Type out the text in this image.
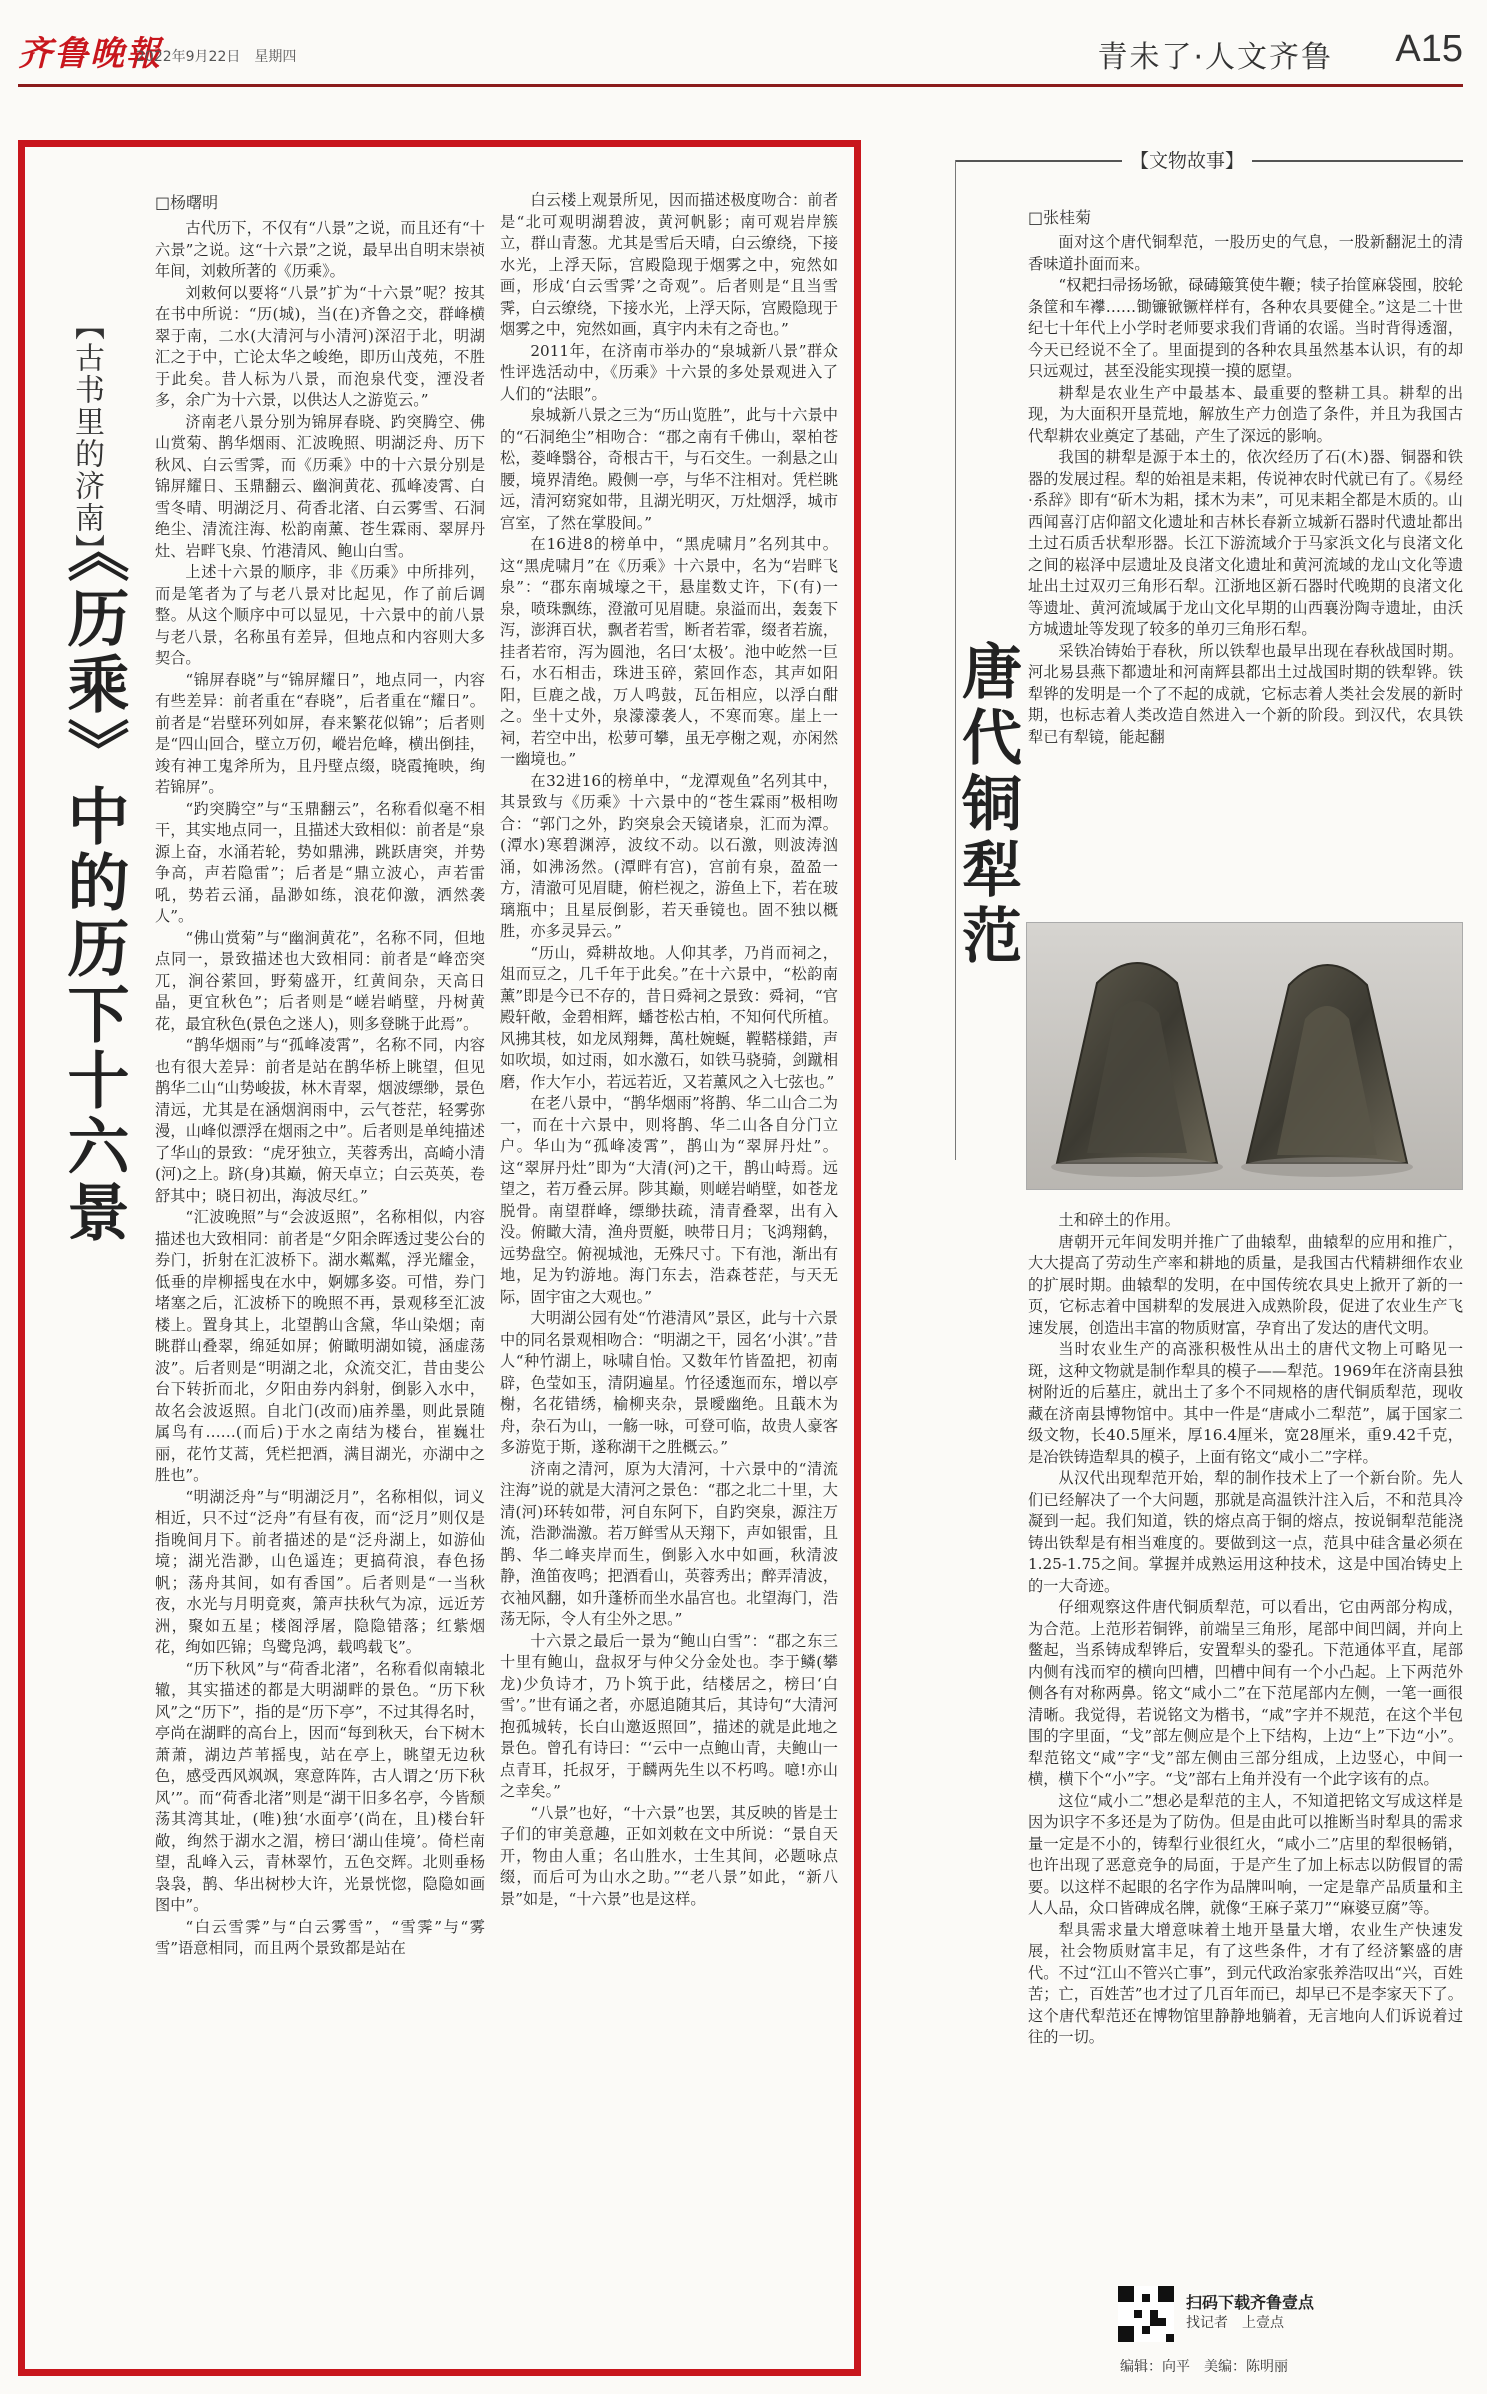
齐鲁晚報
2022年9月22日　星期四	青未了·人文齐鲁 A15
【古书里的济南】
《历乘》中的历下十六景
□杨曙明

古代历下，不仅有“八景”之说，而且还有“十六景”之说。这“十六景”之说，最早出自明末崇祯年间，刘敕所著的《历乘》。

刘敕何以要将“八景”扩为“十六景”呢？按其在书中所说：“历(城)，当(在)齐鲁之交，群峰横翠于南，二水(大清河与小清河)深沼于北，明湖汇之于中，亡论太华之峻绝，即历山茂苑，不胜于此矣。昔人标为八景，而泡泉代变，湮没者多，余广为十六景，以供达人之游览云。”

济南老八景分别为锦屏春晓、趵突腾空、佛山赏菊、鹊华烟雨、汇波晚照、明湖泛舟、历下秋风、白云雪霁，而《历乘》中的十六景分别是锦屏耀日、玉鼎翻云、幽涧黄花、孤峰凌霄、白雪冬晴、明湖泛月、荷香北渚、白云雾雪、石洞绝尘、清流注海、松韵南薰、苍生霖雨、翠屏丹灶、岩畔飞泉、竹港清风、鲍山白雪。

上述十六景的顺序，非《历乘》中所排列，而是笔者为了与老八景对比起见，作了前后调整。从这个顺序中可以显见，十六景中的前八景与老八景，名称虽有差异，但地点和内容则大多契合。

“锦屏春晓”与“锦屏耀日”，地点同一，内容有些差异：前者重在“春晓”，后者重在“耀日”。前者是“岩壁环列如屏，春来繁花似锦”；后者则是“四山回合，壁立万仞，嵷岩危峰，横出倒挂，竣有神工鬼斧所为，且丹壁点缀，晓霞掩映，绚若锦屏”。

“趵突腾空”与“玉鼎翻云”，名称看似毫不相干，其实地点同一，且描述大致相似：前者是“泉源上奋，水涌若轮，势如鼎沸，跳跃唐突，并势争高，声若隐雷”；后者是“鼎立波心，声若雷吼，势若云涌，晶渺如练，浪花仰激，洒然袭人”。

“佛山赏菊”与“幽涧黄花”，名称不同，但地点同一，景致描述也大致相同：前者是“峰峦突兀，涧谷萦回，野菊盛开，红黄间杂，天高日晶，更宜秋色”；后者则是“嵯岩峭壁，丹树黄花，最宜秋色(景色之迷人)，则多登眺于此焉”。

“鹊华烟雨”与“孤峰凌霄”，名称不同，内容也有很大差异：前者是站在鹊华桥上眺望，但见鹊华二山“山势峻拔，林木青翠，烟波缥缈，景色清远，尤其是在涵烟润雨中，云气苍茫，轻雾弥漫，山峰似漂浮在烟雨之中”。后者则是单纯描述了华山的景致：“虎牙独立，芙蓉秀出，高崎小清(河)之上。跻(身)其巅，俯天卓立；白云英英，卷舒其中；晓日初出，海波尽红。”

“汇波晚照”与“会波返照”，名称相似，内容描述也大致相同：前者是“夕阳余晖透过斐公台的券门，折射在汇波桥下。湖水粼粼，浮光耀金，低垂的岸柳摇曳在水中，婀娜多姿。可惜，券门堵塞之后，汇波桥下的晚照不再，景观移至汇波楼上。置身其上，北望鹊山含黛，华山染烟；南眺群山叠翠，绵延如屏；俯瞰明湖如镜，涵虚荡波”。后者则是“明湖之北，众流交汇，昔由斐公台下转折而北，夕阳由券内斜射，倒影入水中，故名会波返照。自北门(改而)庙养墨，则此景随属鸟有……(而后)于水之南结为楼台，崔巍壮丽，花竹艾蒿，凭栏把酒，满目湖光，亦湖中之胜也”。

“明湖泛舟”与“明湖泛月”，名称相似，词义相近，只不过“泛舟”有昼有夜，而“泛月”则仅是指晚间月下。前者描述的是“泛舟湖上，如游仙境；湖光浩渺，山色遥连；更搞荷浪，春色扬帆；荡舟其间，如有香国”。后者则是“一当秋夜，水光与月明竟爽，箫声扶秋气为凉，远近芳洲，聚如五星；楼阁浮屠，隐隐错落；红紫烟花，绚如匹锦；鸟鹭凫鸿，载鸣载飞”。

“历下秋风”与“荷香北渚”，名称看似南辕北辙，其实描述的都是大明湖畔的景色。“历下秋风”之“历下”，指的是“历下亭”，不过其得名时，亭尚在湖畔的高台上，因而“每到秋天，台下树木萧萧，湖边芦苇摇曳，站在亭上，眺望无边秋色，感受西风飒飒，寒意阵阵，古人谓之‘历下秋风’”。而“荷香北渚”则是“湖干旧多名亭，今皆颓荡其湾其址，(唯)独‘水面亭’(尚在，且)楼台轩敞，绚然于湖水之湄，榜曰‘湖山佳境’。倚栏南望，乱峰入云，青林翠竹，五色交辉。北则垂杨袅袅，鹊、华出树杪大许，光景恍惚，隐隐如画图中”。

“白云雪霁”与“白云雾雪”，“雪霁”与“雾雪”语意相同，而且两个景致都是站在

白云楼上观景所见，因而描述极度吻合：前者是“北可观明湖碧波，黄河帆影；南可观岩岸簇立，群山青葱。尤其是雪后天晴，白云缭绕，下接水光，上浮天际，宫殿隐现于烟雾之中，宛然如画，形成‘白云雪霁’之奇观”。后者则是“且当雪霁，白云缭绕，下接水光，上浮天际，宫殿隐现于烟雾之中，宛然如画，真宇内未有之奇也。”

2011年，在济南市举办的“泉城新八景”群众性评选活动中，《历乘》十六景的多处景观进入了人们的“法眼”。

泉城新八景之三为“历山览胜”，此与十六景中的“石洞绝尘”相吻合：“郡之南有千佛山，翠柏苍松，菱峰翳谷，奇根古干，与石交生。一刹悬之山腰，境界清绝。殿侧一亭，与华不注相对。凭栏眺远，清河窈窕如带，且湖光明灭，万灶烟浮，城市宫室，了然在掌股间。”

在16进8的榜单中，“黑虎啸月”名列其中。这“黑虎啸月”在《历乘》十六景中，名为“岩畔飞泉”：“郡东南城壕之干，悬崖数丈许，下(有)一泉，喷珠飘练，澄澈可见眉睫。泉溢而出，轰轰下泻，澎湃百状，飘者若雪，断者若霏，缀者若旒，挂者若帘，泻为圆池，名曰‘太极’。池中屹然一巨石，水石相击，珠进玉碎，萦回作态，其声如阳阳，巨鹿之战，万人鸣鼓，瓦缶相应，以浮白酣之。坐十丈外，泉濛濛袭人，不寒而寒。崖上一祠，若空中出，松萝可攀，虽无亭榭之观，亦闲然一幽境也。”

在32进16的榜单中，“龙潭观鱼”名列其中，其景致与《历乘》十六景中的“苍生霖雨”极相吻合：“郭门之外，趵突泉会天镜诸泉，汇而为潭。(潭水)寒碧渊渟，波纹不动。以石激，则波涛汹涌，如沸汤然。(潭畔有宫)，宫前有泉，盈盈一方，清澈可见眉睫，俯栏视之，游鱼上下，若在玻璃瓶中；且星辰倒影，若天垂镜也。固不独以概胜，亦多灵异云。”

“历山，舜耕故地。人仰其孝，乃肖而祠之，俎而豆之，几千年于此矣。”在十六景中，“松韵南薰”即是今已不存的，昔日舜祠之景致：舜祠，“官殿轩敞，金碧相辉，蟠苍松古柏，不知何代所植。风拂其枝，如龙凤翔舞，萬杜婉蜒，鞺鞳様錯，声如吹埙，如过雨，如水激石，如铁马骁骑，剑蹴相磨，作大乍小，若远若近，又若薰风之入七弦也。”

在老八景中，“鹊华烟雨”将鹊、华二山合二为一，而在十六景中，则将鹊、华二山各自分门立户。华山为“孤峰凌霄”，鹊山为“翠屏丹灶”。这“翠屏丹灶”即为“大清(河)之干，鹊山峙焉。远望之，若万叠云屏。陟其巅，则嵯岩峭壁，如苍龙脱骨。南望群峰，缥缈扶疏，清青叠翠，出有入没。俯瞰大清，渔舟贾艇，映带日月；飞鸿翔鹤，远势盘空。俯视城池，无殊尺寸。下有池，渐出有地，足为钓游地。海门东去，浩森苍茫，与天无际，固宇宙之大观也。”

大明湖公园有处“竹港清风”景区，此与十六景中的同名景观相吻合：“明湖之干，园名‘小淇’。”昔人“种竹湖上，咏啸自怡。又数年竹皆盈把，初南辟，色莹如玉，清阴遍星。竹径逶迤而东，增以亭榭，名花错绣，榆柳夹杂，景曖幽绝。且蕺木为舟，杂石为山，一觞一咏，可登可临，故贵人豪客多游览于斯，遂称湖干之胜概云。”

济南之清河，原为大清河，十六景中的“清流注海”说的就是大清河之景色：“郡之北二十里，大清(河)环转如带，河自东阿下，自趵突泉，源注万流，浩渺湍激。若万鲜雪从天翔下，声如银雷，且鹊、华二峰夹岸而生，倒影入水中如画，秋清波静，渔笛夜鸣；把酒看山，英蓉秀出；醉弄清波，衣袖风翻，如升蓬桥而坐水晶宫也。北望海门，浩荡无际，令人有尘外之思。”

十六景之最后一景为“鲍山白雪”：“郡之东三十里有鲍山，盘叔牙与仲父分金处也。李于鳞(攀龙)少负诗才，乃卜筑于此，结楼居之，榜曰‘白雪’。”世有诵之者，亦愿追随其后，其诗句“大清河抱孤城转，长白山邀返照回”，描述的就是此地之景色。曾孔有诗曰：“‘云中一点鲍山青，夫鲍山一点青耳，托叔牙，于麟两先生以不朽鸣。噫!亦山之幸矣。”

“八景”也好，“十六景”也罢，其反映的皆是士子们的审美意趣，正如刘敕在文中所说：“景自天开，物由人重；名山胜水，士生其间，必题咏点缀，而后可为山水之助。”“老八景”如此，“新八景”如是，“十六景”也是这样。

【文物故事】
□张桂菊
唐代铜犁范

面对这个唐代铜犁范，一股历史的气息，一股新翻泥土的清香味道扑面而来。

“权耙扫帚扬场锨，碌碡簸箕使牛鞭；犊子抬筐麻袋囤，胶轮条筐和车襻……锄镰锨镢样样有，各种农具要健全。”这是二十世纪七十年代上小学时老师要求我们背诵的农谣。当时背得透溜，今天已经说不全了。里面提到的各种农具虽然基本认识，有的却只远观过，甚至没能实现摸一摸的愿望。

耕犁是农业生产中最基本、最重要的整耕工具。耕犁的出现，为大面积开垦荒地，解放生产力创造了条件，并且为我国古代犁耕农业奠定了基础，产生了深远的影响。

我国的耕犁是源于本土的，依次经历了石(木)器、铜器和铁器的发展过程。犁的始祖是耒耜，传说神农时代就已有了。《易经·系辞》即有“斫木为耜，揉木为耒”，可见耒耜全都是木质的。山西闻喜汀店仰韶文化遗址和吉林长春新立城新石器时代遗址都出土过石质舌状犁形器。长江下游流域介于马家浜文化与良渚文化之间的崧泽中层遗址及良渚文化遗址和黄河流域的龙山文化等遗址出土过双刃三角形石犁。江浙地区新石器时代晚期的良渚文化等遗址、黄河流域属于龙山文化早期的山西襄汾陶寺遗址，由沃方城遗址等发现了较多的单刃三角形石犁。

采铁冶铸始于春秋，所以铁犁也最早出现在春秋战国时期。河北易县燕下都遗址和河南辉县都出土过战国时期的铁犁铧。铁犁铧的发明是一个了不起的成就，它标志着人类社会发展的新时期，也标志着人类改造自然进入一个新的阶段。到汉代，农具铁犁已有犁镜，能起翻

土和碎土的作用。

唐朝开元年间发明并推广了曲辕犁，曲辕犁的应用和推广，大大提高了劳动生产率和耕地的质量，是我国古代精耕细作农业的扩展时期。曲辕犁的发明，在中国传统农具史上掀开了新的一页，它标志着中国耕犁的发展进入成熟阶段，促进了农业生产飞速发展，创造出丰富的物质财富，孕育出了发达的唐代文明。

当时农业生产的高涨积极性从出土的唐代文物上可略见一斑，这种文物就是制作犁具的模子——犁范。1969年在济南县独树附近的后墓庄，就出土了多个不同规格的唐代铜质犁范，现收藏在济南县博物馆中。其中一件是“唐咸小二犁范”，属于国家二级文物，长40.5厘米，厚16.4厘米，宽28厘米，重9.42千克，是冶铁铸造犁具的模子，上面有铭文“咸小二”字样。

从汉代出现犁范开始，犁的制作技术上了一个新台阶。先人们已经解决了一个大问题，那就是高温铁汁注入后，不和范具冷凝到一起。我们知道，铁的熔点高于铜的熔点，按说铜犁范能浇铸出铁犁是有相当难度的。要做到这一点，范具中硅含量必须在1.25-1.75之间。掌握并成熟运用这种技术，这是中国冶铸史上的一大奇迹。

仔细观察这件唐代铜质犁范，可以看出，它由两部分构成，为合范。上范形若铜铧，前端呈三角形，尾部中间凹阔，并向上鳖起，当系铸成犁铧后，安置犁头的銎孔。下范通体平直，尾部内侧有浅而窄的横向凹槽，凹槽中间有一个小凸起。上下两范外侧各有对称两鼻。铭文“咸小二”在下范尾部内左侧，一笔一画很清晰。我觉得，若说铭文为楷书，“咸”字并不规范，在这个半包围的字里面，“戈”部左侧应是个上下结构，上边“上”下边“小”。犁范铭文“咸”字“戈”部左侧由三部分组成，上边竖心，中间一横，横下个“小”字。“戈”部右上角并没有一个此字该有的点。

这位“咸小二”想必是犁范的主人，不知道把铭文写成这样是因为识字不多还是为了防伪。但是由此可以推断当时犁具的需求量一定是不小的，铸犁行业很红火，“咸小二”店里的犁很畅销，也许出现了恶意竞争的局面，于是产生了加上标志以防假冒的需要。以这样不起眼的名字作为品牌叫响，一定是靠产品质量和主人人品，众口皆碑成名牌，就像“王麻子菜刀”“麻婆豆腐”等。

犁具需求量大增意味着土地开垦量大增，农业生产快速发展，社会物质财富丰足，有了这些条件，才有了经济繁盛的唐代。不过“江山不管兴亡事”，到元代政治家张养浩叹出“兴，百姓苦；亡，百姓苦”也才过了几百年而已，却早已不是李家天下了。这个唐代犁范还在博物馆里静静地躺着，无言地向人们诉说着过往的一切。

扫码下载齐鲁壹点
找记者　上壹点
编辑：向平　美编：陈明丽
